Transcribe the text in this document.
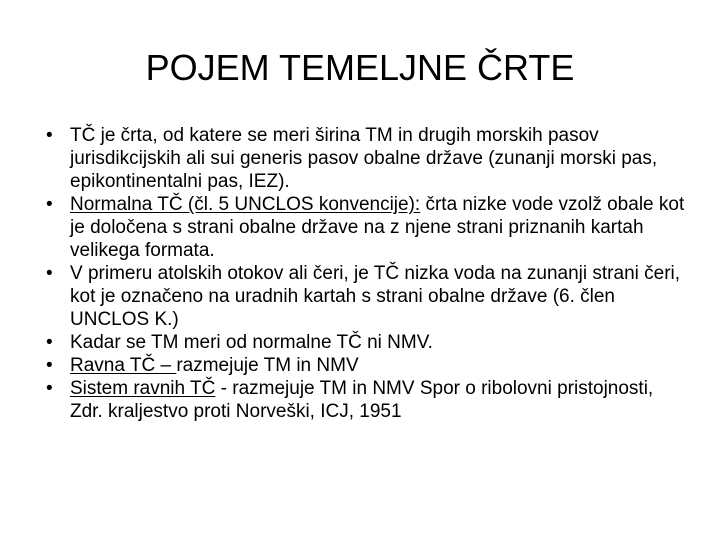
POJEM TEMELJNE ČRTE
• TČ je črta, od katere se meri širina TM in drugih morskih pasov jurisdikcijskih ali sui generis pasov obalne države (zunanji morski pas, epikontinentalni pas, IEZ).
• Normalna TČ (čl. 5 UNCLOS konvencije): črta nizke vode vzolž obale kot je določena s strani obalne države na z njene strani priznanih kartah velikega formata.
• V primeru atolskih otokov ali čeri, je TČ nizka voda na zunanji strani čeri, kot je označeno na uradnih kartah s strani obalne države (6. člen UNCLOS K.)
• Kadar se TM meri od normalne TČ ni NMV.
• Ravna TČ – razmejuje TM in NMV
• Sistem ravnih TČ - razmejuje TM in NMV Spor o ribolovni pristojnosti, Zdr. kraljestvo proti Norveški, ICJ, 1951
